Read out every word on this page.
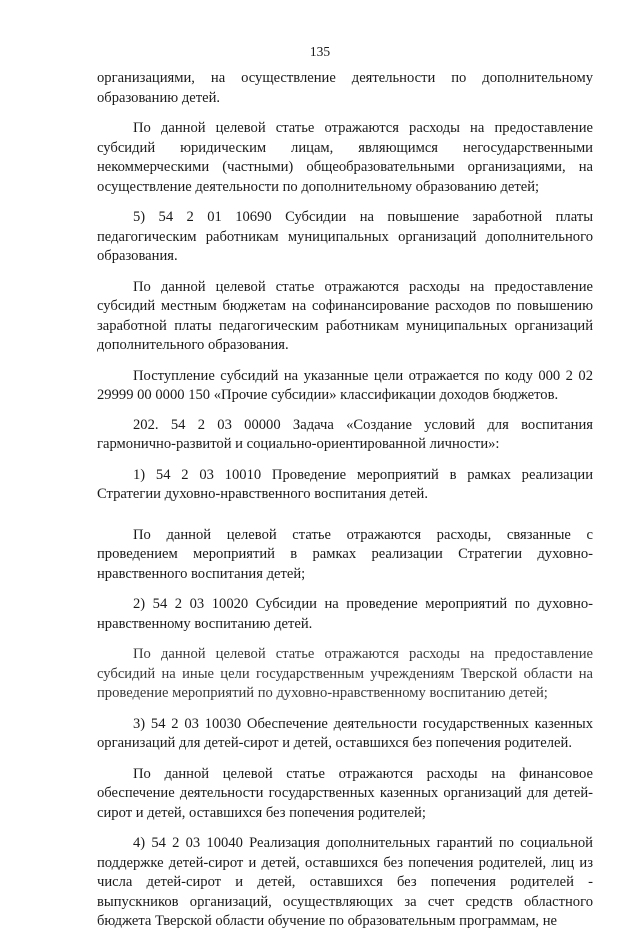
135

организациями, на осуществление деятельности по дополнительному образованию детей.

По данной целевой статье отражаются расходы на предоставление субсидий юридическим лицам, являющимся негосударственными некоммерческими (частными) общеобразовательными организациями, на осуществление деятельности по дополнительному образованию детей;

5) 54 2 01 10690 Субсидии на повышение заработной платы педагогическим работникам муниципальных организаций дополнительного образования.

По данной целевой статье отражаются расходы на предоставление субсидий местным бюджетам на софинансирование расходов по повышению заработной платы педагогическим работникам муниципальных организаций дополнительного образования.

Поступление субсидий на указанные цели отражается по коду 000 2 02 29999 00 0000 150 «Прочие субсидии» классификации доходов бюджетов.

202. 54 2 03 00000 Задача «Создание условий для воспитания гармонично-развитой и социально-ориентированной личности»:

1) 54 2 03 10010 Проведение мероприятий в рамках реализации Стратегии духовно-нравственного воспитания детей.

По данной целевой статье отражаются расходы, связанные с проведением мероприятий в рамках реализации Стратегии духовно-нравственного воспитания детей;

2) 54 2 03 10020 Субсидии на проведение мероприятий по духовно-нравственному воспитанию детей.

По данной целевой статье отражаются расходы на предоставление субсидий на иные цели государственным учреждениям Тверской области на проведение мероприятий по духовно-нравственному воспитанию детей;

3) 54 2 03 10030 Обеспечение деятельности государственных казенных организаций для детей-сирот и детей, оставшихся без попечения родителей.

По данной целевой статье отражаются расходы на финансовое обеспечение деятельности государственных казенных организаций для детей-сирот и детей, оставшихся без попечения родителей;

4) 54 2 03 10040 Реализация дополнительных гарантий по социальной поддержке детей-сирот и детей, оставшихся без попечения родителей, лиц из числа детей-сирот и детей, оставшихся без попечения родителей - выпускников организаций, осуществляющих за счет средств областного бюджета Тверской области обучение по образовательным программам, не
